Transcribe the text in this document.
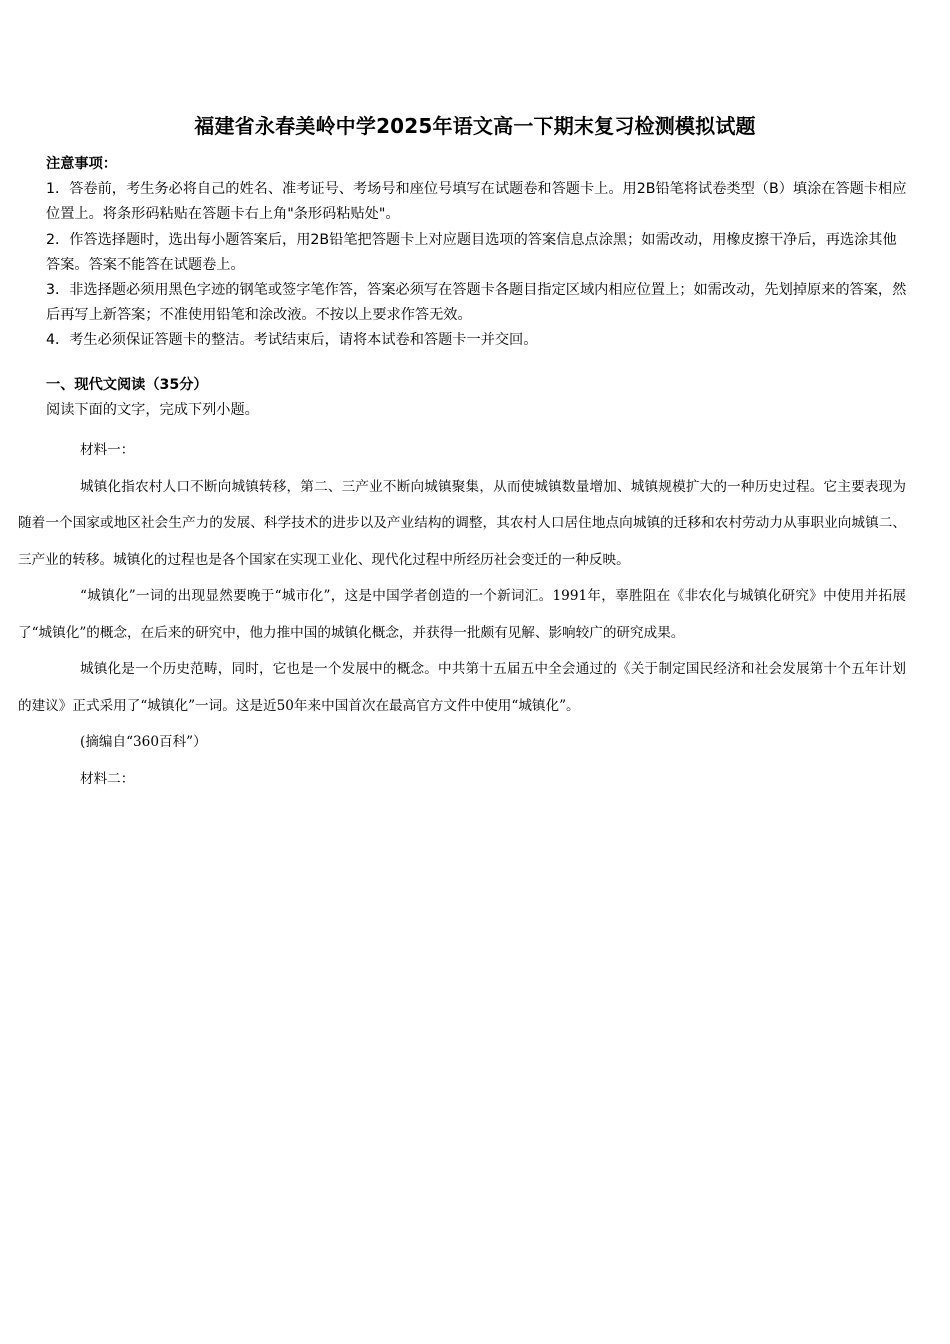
福建省永春美岭中学2025年语文高一下期末复习检测模拟试题

注意事项：

1．答卷前，考生务必将自己的姓名、准考证号、考场号和座位号填写在试题卷和答题卡上。用2B铅笔将试卷类型（B）填涂在答题卡相应位置上。将条形码粘贴在答题卡右上角"条形码粘贴处"。

2．作答选择题时，选出每小题答案后，用2B铅笔把答题卡上对应题目选项的答案信息点涂黑；如需改动，用橡皮擦干净后，再选涂其他答案。答案不能答在试题卷上。

3．非选择题必须用黑色字迹的钢笔或签字笔作答，答案必须写在答题卡各题目指定区域内相应位置上；如需改动，先划掉原来的答案，然后再写上新答案；不准使用铅笔和涂改液。不按以上要求作答无效。

4．考生必须保证答题卡的整洁。考试结束后，请将本试卷和答题卡一并交回。

一、现代文阅读（35分）

阅读下面的文字，完成下列小题。

材料一：

城镇化指农村人口不断向城镇转移，第二、三产业不断向城镇聚集，从而使城镇数量增加、城镇规模扩大的一种历史过程。它主要表现为随着一个国家或地区社会生产力的发展、科学技术的进步以及产业结构的调整，其农村人口居住地点向城镇的迁移和农村劳动力从事职业向城镇二、三产业的转移。城镇化的过程也是各个国家在实现工业化、现代化过程中所经历社会变迁的一种反映。

“城镇化”一词的出现显然要晚于“城市化”，这是中国学者创造的一个新词汇。1991年，辜胜阻在《非农化与城镇化研究》中使用并拓展了“城镇化”的概念，在后来的研究中，他力推中国的城镇化概念，并获得一批颇有见解、影响较广的研究成果。

城镇化是一个历史范畴，同时，它也是一个发展中的概念。中共第十五届五中全会通过的《关于制定国民经济和社会发展第十个五年计划的建议》正式采用了“城镇化”一词。这是近50年来中国首次在最高官方文件中使用“城镇化”。

(摘编自“360百科”）

材料二：
